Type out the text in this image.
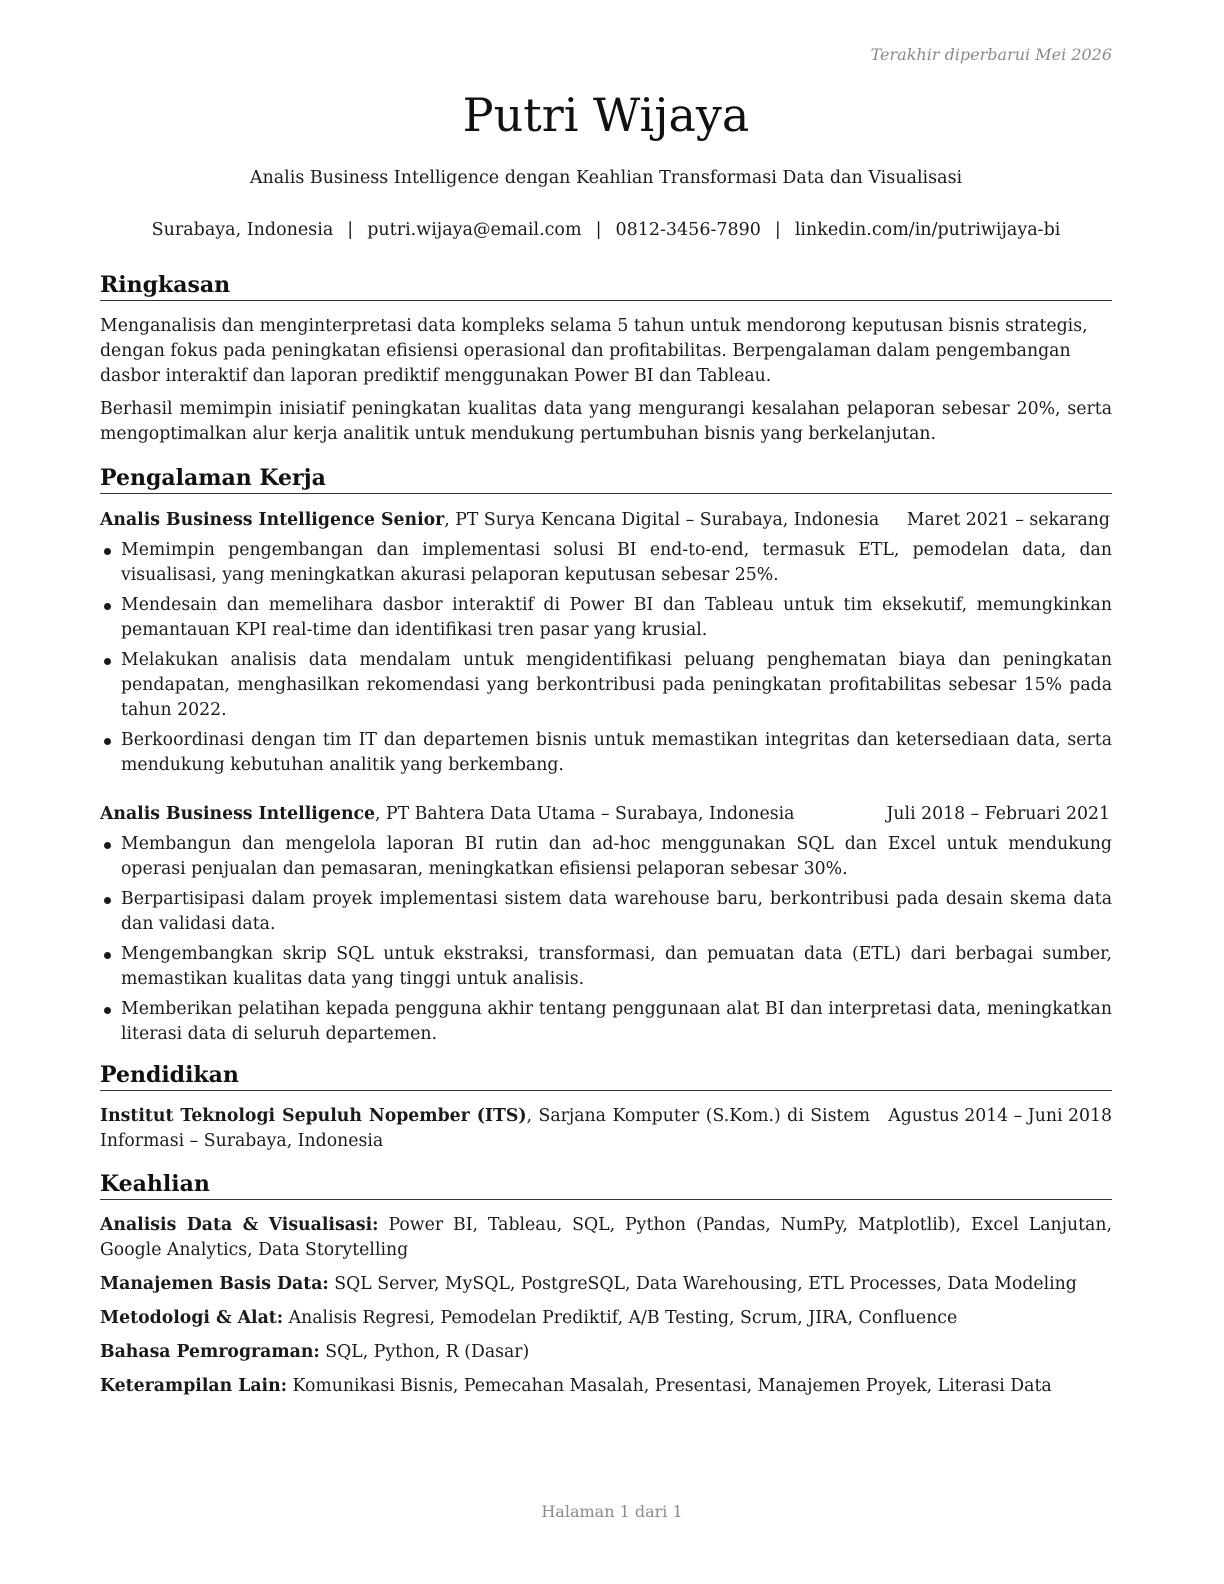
Terakhir diperbarui Mei 2026
Putri Wijaya
Analis Business Intelligence dengan Keahlian Transformasi Data dan Visualisasi
Surabaya, Indonesia | putri.wijaya@email.com | 0812-3456-7890 | linkedin.com/in/putriwijaya-bi
Ringkasan

Menganalisis dan menginterpretasi data kompleks selama 5 tahun untuk mendorong keputusan bisnis strategis, dengan fokus pada peningkatan efisiensi operasional dan profitabilitas. Berpengalaman dalam pengembangan dasbor interaktif dan laporan prediktif menggunakan Power BI dan Tableau.

Berhasil memimpin inisiatif peningkatan kualitas data yang mengurangi kesalahan pelaporan sebesar 20%, serta mengoptimalkan alur kerja analitik untuk mendukung pertumbuhan bisnis yang berkelanjutan.

Pengalaman Kerja
Analis Business Intelligence Senior, PT Surya Kencana Digital – Surabaya, Indonesia	Maret 2021 – sekarang
Memimpin pengembangan dan implementasi solusi BI end-to-end, termasuk ETL, pemodelan data, dan visualisasi, yang meningkatkan akurasi pelaporan keputusan sebesar 25%.
Mendesain dan memelihara dasbor interaktif di Power BI dan Tableau untuk tim eksekutif, memungkinkan pemantauan KPI real-time dan identifikasi tren pasar yang krusial.
Melakukan analisis data mendalam untuk mengidentifikasi peluang penghematan biaya dan peningkatan pendapatan, menghasilkan rekomendasi yang berkontribusi pada peningkatan profitabilitas sebesar 15% pada tahun 2022.
Berkoordinasi dengan tim IT dan departemen bisnis untuk memastikan integritas dan ketersediaan data, serta mendukung kebutuhan analitik yang berkembang.
Analis Business Intelligence, PT Bahtera Data Utama – Surabaya, Indonesia	Juli 2018 – Februari 2021
Membangun dan mengelola laporan BI rutin dan ad-hoc menggunakan SQL dan Excel untuk mendukung operasi penjualan dan pemasaran, meningkatkan efisiensi pelaporan sebesar 30%.
Berpartisipasi dalam proyek implementasi sistem data warehouse baru, berkontribusi pada desain skema data dan validasi data.
Mengembangkan skrip SQL untuk ekstraksi, transformasi, dan pemuatan data (ETL) dari berbagai sumber, memastikan kualitas data yang tinggi untuk analisis.
Memberikan pelatihan kepada pengguna akhir tentang penggunaan alat BI dan interpretasi data, meningkatkan literasi data di seluruh departemen.
Pendidikan
Institut Teknologi Sepuluh Nopember (ITS), Sarjana Komputer (S.Kom.) di Sistem Informasi – Surabaya, Indonesia
Agustus 2014 – Juni 2018
Keahlian

Analisis Data & Visualisasi: Power BI, Tableau, SQL, Python (Pandas, NumPy, Matplotlib), Excel Lanjutan, Google Analytics, Data Storytelling

Manajemen Basis Data: SQL Server, MySQL, PostgreSQL, Data Warehousing, ETL Processes, Data Modeling

Metodologi & Alat: Analisis Regresi, Pemodelan Prediktif, A/B Testing, Scrum, JIRA, Confluence

Bahasa Pemrograman: SQL, Python, R (Dasar)

Keterampilan Lain: Komunikasi Bisnis, Pemecahan Masalah, Presentasi, Manajemen Proyek, Literasi Data

Halaman 1 dari 1
